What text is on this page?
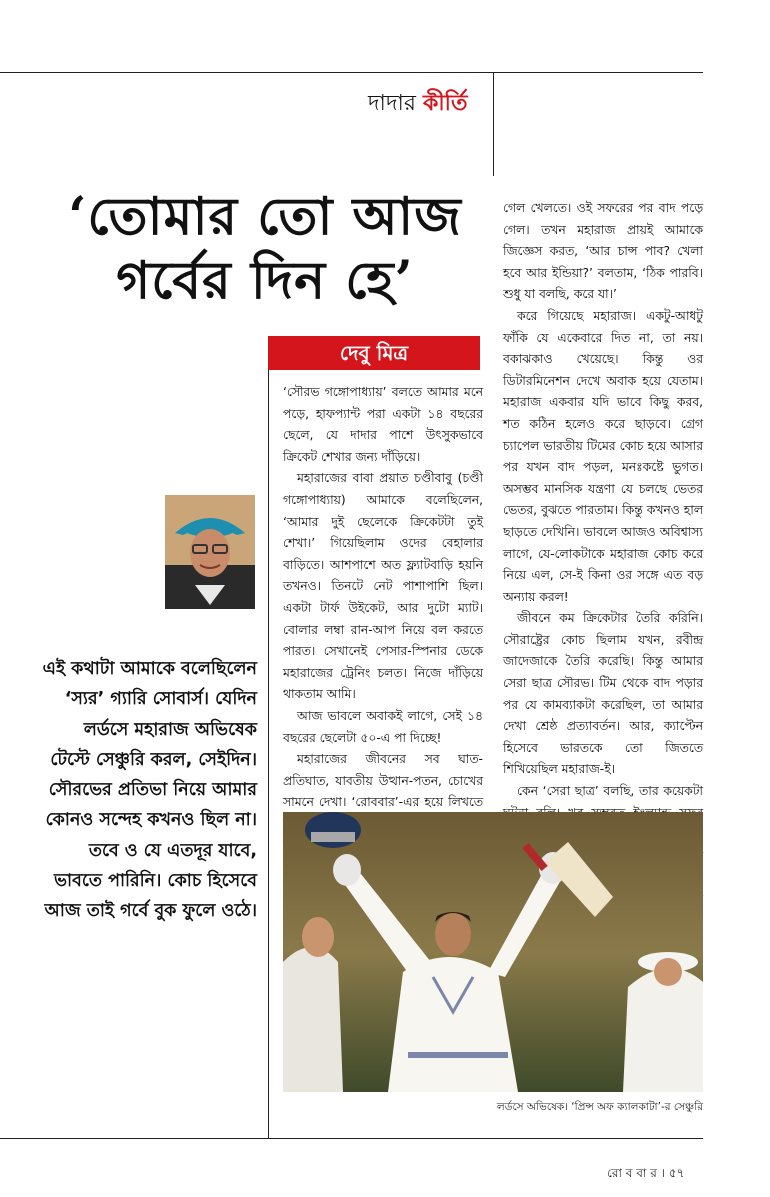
দাদার কীর্তি
‘তোমার তো আজ
গর্বের দিন হে’
দেবু মিত্র

‘সৌরভ গঙ্গোপাধ্যায়’ বলতে আমার মনে পড়ে, হাফপ্যান্ট পরা একটা ১৪ বছরের ছেলে, যে দাদার পাশে উৎসুকভাবে ক্রিকেট শেখার জন্য দাঁড়িয়ে।

মহারাজের বাবা প্রয়াত চণ্ডীবাবু (চণ্ডী গঙ্গোপাধ্যায়) আমাকে বলেছিলেন, ‘আমার দুই ছেলেকে ক্রিকেটটা তুই শেখা।’ গিয়েছিলাম ওদের বেহালার বাড়িতে। আশপাশে অত ফ্ল্যাটবাড়ি হয়নি তখনও। তিনটে নেট পাশাপাশি ছিল। একটা টার্ফ উইকেট, আর দুটো ম্যাট। বোলার লম্বা রান-আপ নিয়ে বল করতে পারত। সেখানেই পেসার-স্পিনার ডেকে মহারাজের ট্রেনিং চলত। নিজে দাঁড়িয়ে থাকতাম আমি।

আজ ভাবলে অবাকই লাগে, সেই ১৪ বছরের ছেলেটা ৫০-এ পা দিচ্ছে!

মহারাজের জীবনের সব ঘাত-প্রতিঘাত, যাবতীয় উত্থান-পতন, চোখের সামনে দেখা। ‘রোববার’-এর হয়ে লিখতে

গেল খেলতে। ওই সফরের পর বাদ পড়ে গেল। তখন মহারাজ প্রায়ই আমাকে জিজ্ঞেস করত, ‘আর চান্স পাব? খেলা হবে আর ইন্ডিয়া?’ বলতাম, ‘ঠিক পারবি। শুধু যা বলছি, করে যা।’

করে গিয়েছে মহারাজ। একটু-আধটু ফাঁকি যে একেবারে দিত না, তা নয়। বকাঝকাও খেয়েছে। কিন্তু ওর ডিটারমিনেশন দেখে অবাক হয়ে যেতাম। মহারাজ একবার যদি ভাবে কিছু করব, শত কঠিন হলেও করে ছাড়বে। গ্রেগ চ্যাপেল ভারতীয় টিমের কোচ হয়ে আসার পর যখন বাদ পড়ল, মনঃকষ্টে ভুগত। অসম্ভব মানসিক যন্ত্রণা যে চলছে ভেতর ভেতর, বুঝতে পারতাম। কিন্তু কখনও হাল ছাড়তে দেখিনি। ভাবলে আজও অবিশ্বাস্য লাগে, যে-লোকটাকে মহারাজ কোচ করে নিয়ে এল, সে-ই কিনা ওর সঙ্গে এত বড় অন্যায় করল!

জীবনে কম ক্রিকেটার তৈরি করিনি। সৌরাষ্ট্রের কোচ ছিলাম যখন, রবীন্দ্র জাদেজাকে তৈরি করেছি। কিন্তু আমার সেরা ছাত্র সৌরভ। টিম থেকে বাদ পড়ার পর যে কামব্যাকটা করেছিল, তা আমার দেখা শ্রেষ্ঠ প্রত্যাবর্তন। আর, ক্যাপ্টেন হিসেবে ভারতকে তো জিততে শিখিয়েছিল মহারাজ-ই।

কেন ‘সেরা ছাত্র’ বলছি, তার কয়েকটা

এই কথাটা আমাকে বলেছিলেন ‘স্যর’ গ্যারি সোবার্স। যেদিন লর্ডসে মহারাজ অভিষেক টেস্টে সেঞ্চুরি করল, সেইদিন। সৌরভের প্রতিভা নিয়ে আমার কোনও সন্দেহ কখনও ছিল না। তবে ও যে এতদূর যাবে, ভাবতে পারিনি। কোচ হিসেবে আজ তাই গর্বে বুক ফুলে ওঠে।
লর্ডসে অভিষেক। ‘প্রিন্স অফ ক্যালকাটা’-র সেঞ্চুরি
রো ব বা র । ৫৭
